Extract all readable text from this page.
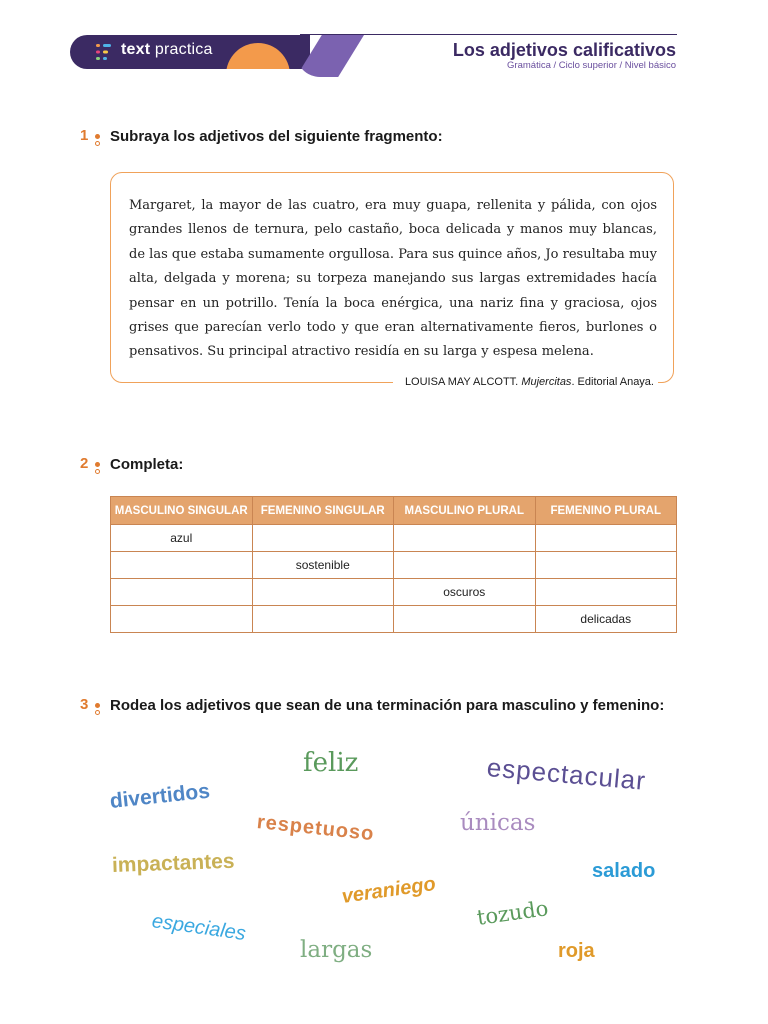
text practica	Los adjetivos calificativos
Gramática / Ciclo superior / Nivel básico
1 Subraya los adjetivos del siguiente fragmento:
Margaret, la mayor de las cuatro, era muy guapa, rellenita y pálida, con ojos grandes llenos de ternura, pelo castaño, boca delicada y manos muy blancas, de las que estaba sumamente orgullosa. Para sus quince años, Jo resultaba muy alta, delgada y morena; su torpeza manejando sus largas extremidades hacía pensar en un potrillo. Tenía la boca enérgica, una nariz fina y graciosa, ojos grises que parecían verlo todo y que eran alternativamente fieros, burlones o pensativos. Su principal atractivo residía en su larga y espesa melena.
LOUISA MAY ALCOTT. Mujercitas. Editorial Anaya.
2 Completa:
MASCULINO SINGULAR	FEMENINO SINGULAR	MASCULINO PLURAL	FEMENINO PLURAL
azul			
	sostenible		
		oscuros	
			delicadas
3 Rodea los adjetivos que sean de una terminación para masculino y femenino:
feliz	espectacular
divertidos
respetuoso	únicas
impactantes	salado
veraniego
especiales	tozudo
largas	roja
